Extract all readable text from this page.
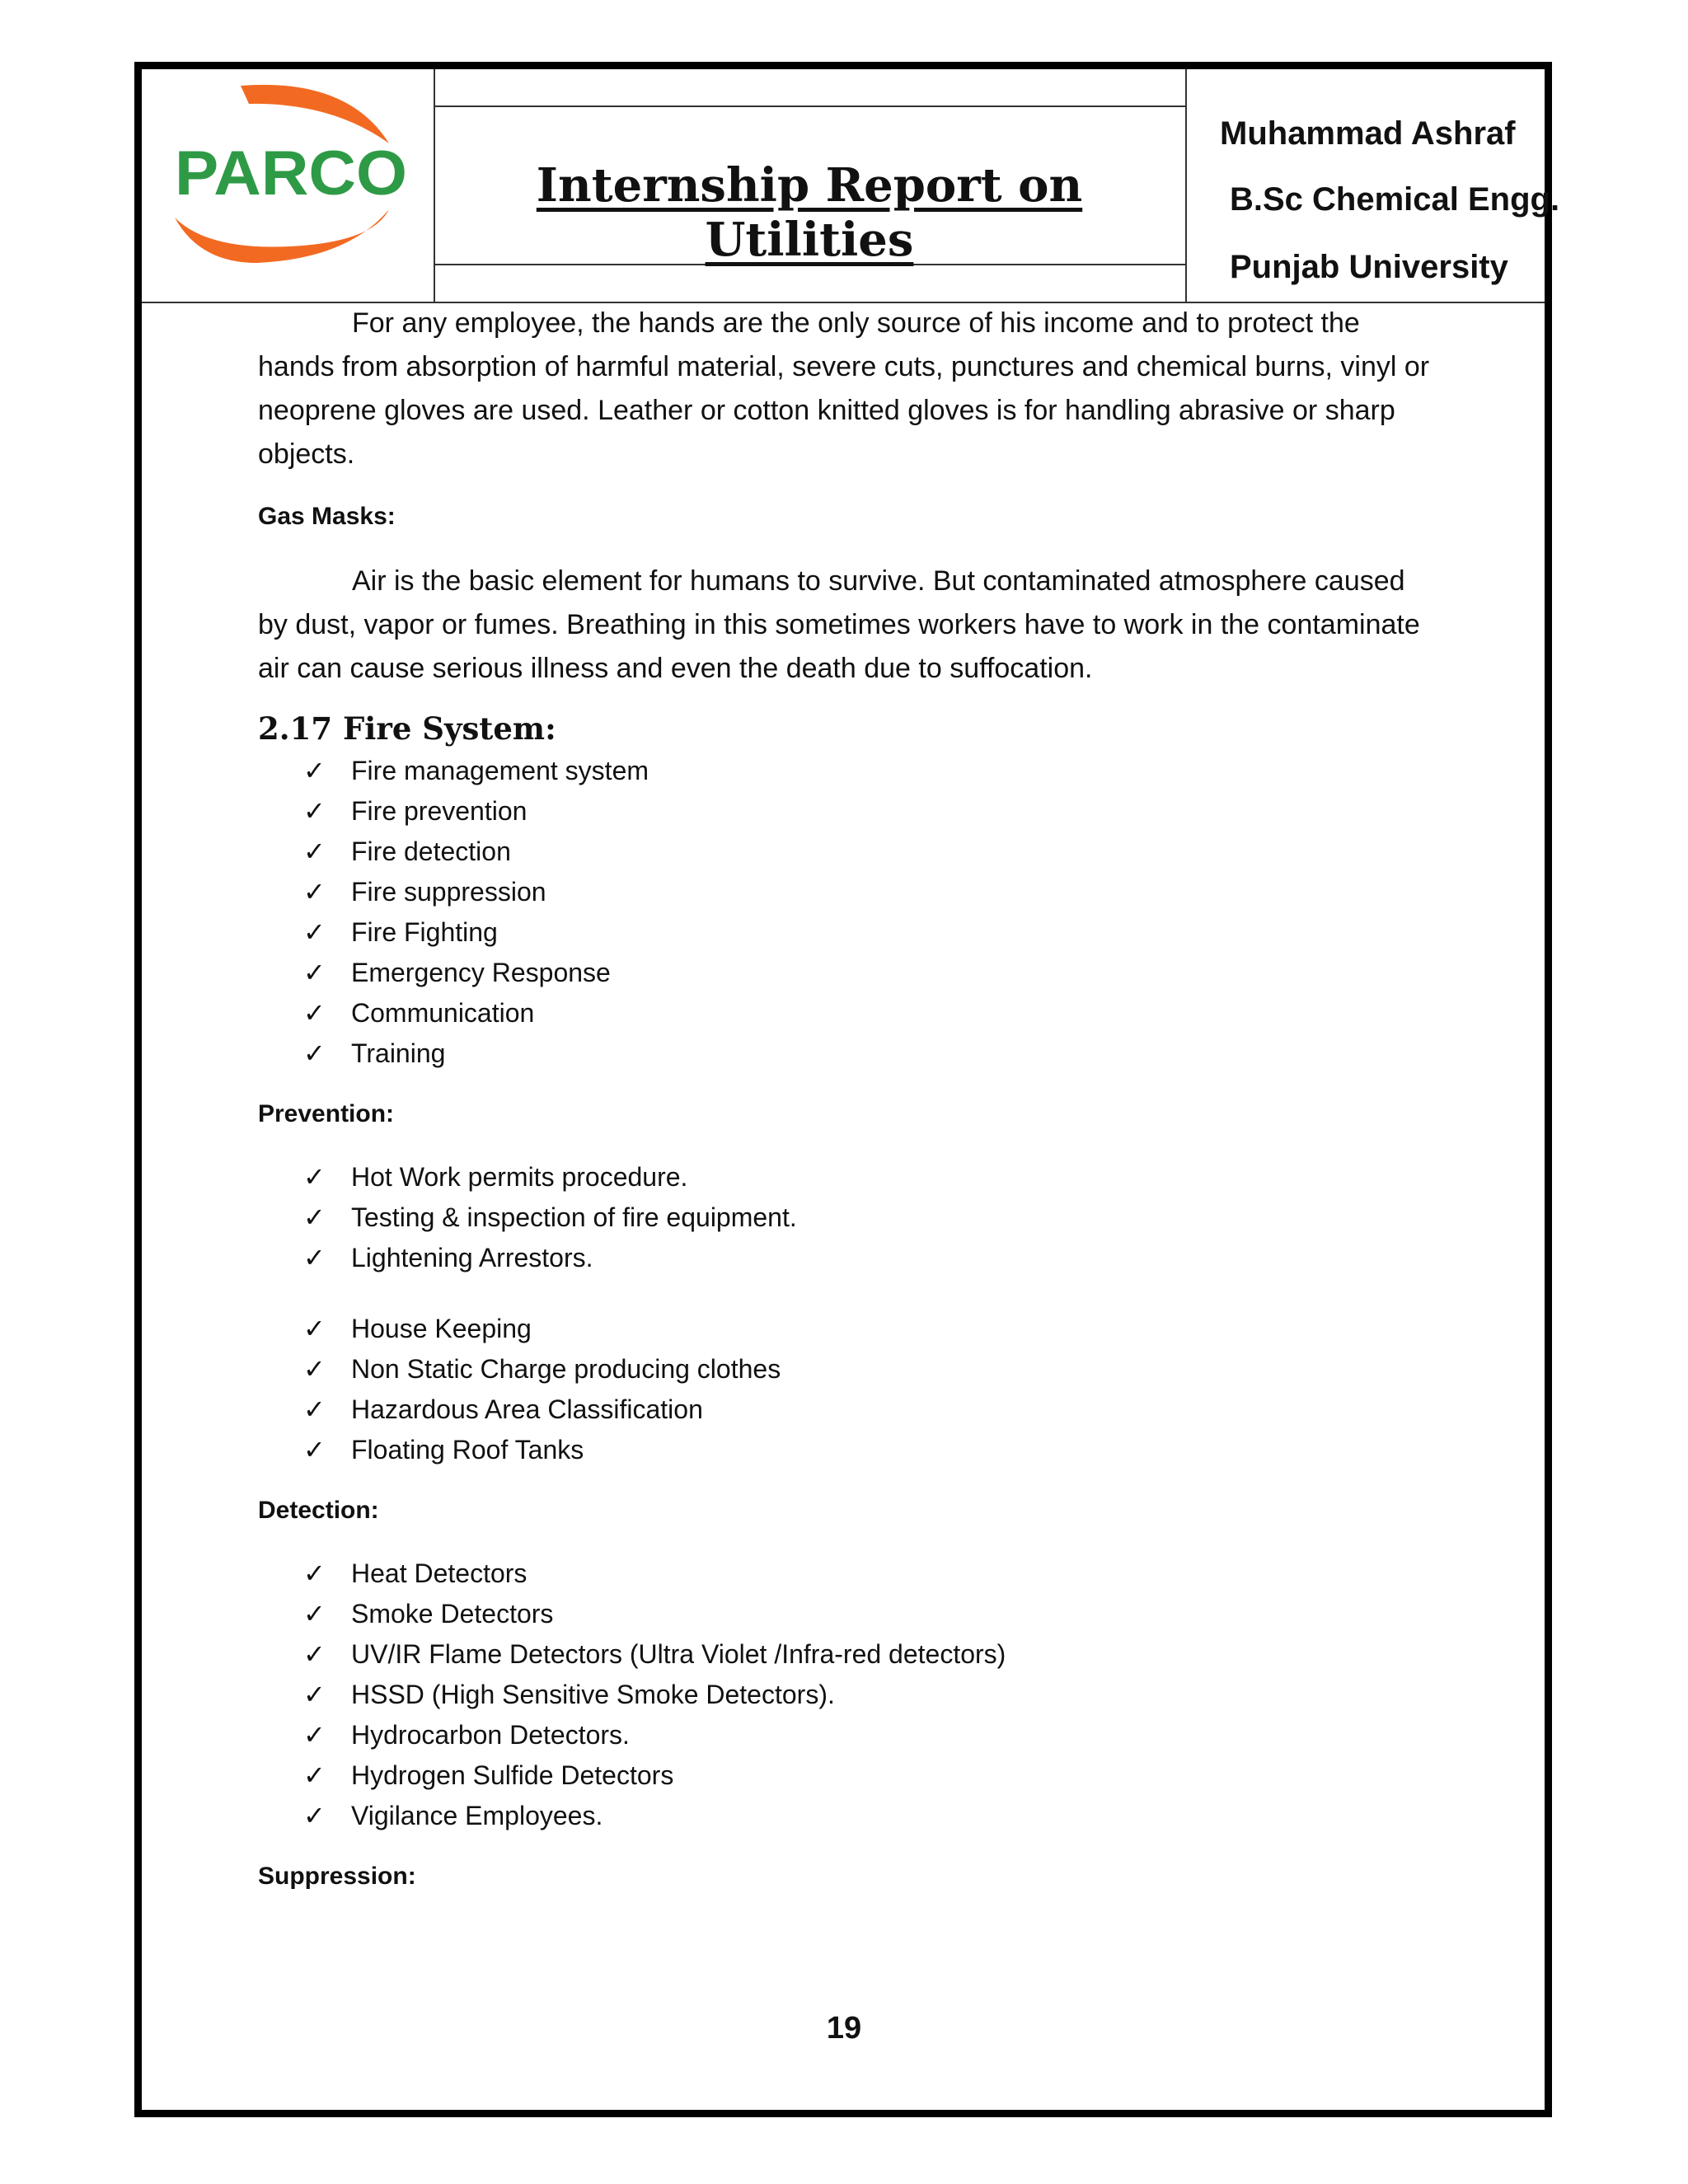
PARCO	Internship Report on Utilities
Muhammad Ashraf
B.Sc Chemical Engg.
Punjab University

For any employee, the hands are the only source of his income and to protect the hands from absorption of harmful material, severe cuts, punctures and chemical burns, vinyl or neoprene gloves are used. Leather or cotton knitted gloves is for handling abrasive or sharp objects.

Gas Masks:

Air is the basic element for humans to survive. But contaminated atmosphere caused by dust, vapor or fumes. Breathing in this sometimes workers have to work in the contaminate air can cause serious illness and even the death due to suffocation.

2.17 Fire System:

✓ Fire management system
✓ Fire prevention
✓ Fire detection
✓ Fire suppression
✓ Fire Fighting
✓ Emergency Response
✓ Communication
✓ Training

Prevention:

✓ Hot Work permits procedure.
✓ Testing & inspection of fire equipment.
✓ Lightening Arrestors.
✓ House Keeping
✓ Non Static Charge producing clothes
✓ Hazardous Area Classification
✓ Floating Roof Tanks

Detection:

✓ Heat Detectors
✓ Smoke Detectors
✓ UV/IR Flame Detectors (Ultra Violet /Infra-red detectors)
✓ HSSD (High Sensitive Smoke Detectors).
✓ Hydrocarbon Detectors.
✓ Hydrogen Sulfide Detectors
✓ Vigilance Employees.

Suppression:

19
